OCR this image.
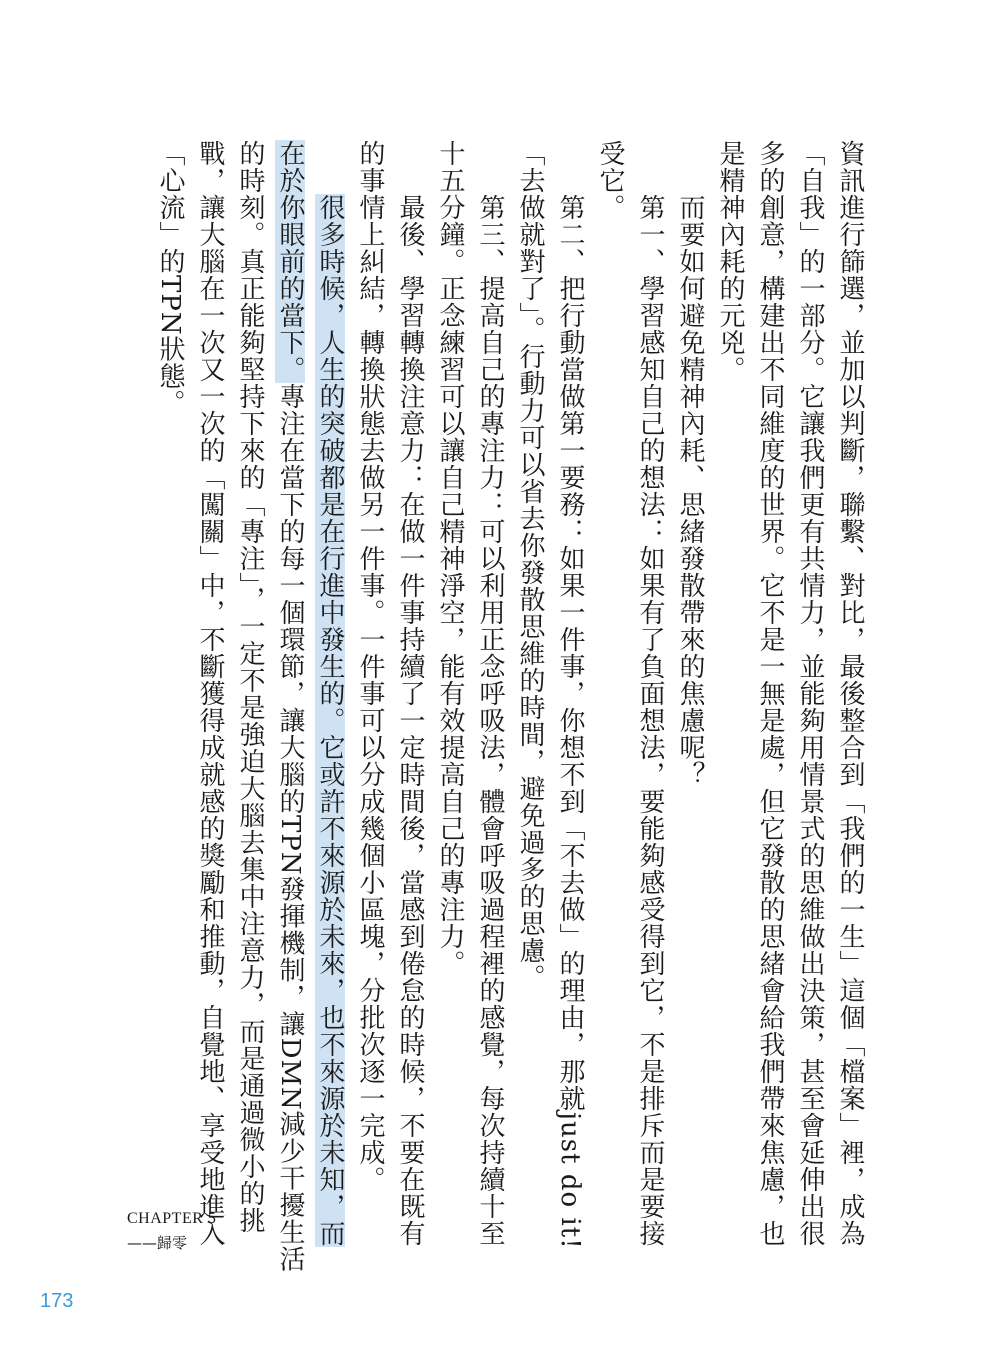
資訊進行篩選，並加以判斷，聯繫、對比，最後整合到「我們的一生」這個「檔案」裡，成為
「自我」的一部分。它讓我們更有共情力，並能夠用情景式的思維做出決策，甚至會延伸出很
多的創意，構建出不同維度的世界。它不是一無是處，但它發散的思緒會給我們帶來焦慮，也
是精神內耗的元兇。
　　而要如何避免精神內耗、思緒發散帶來的焦慮呢？
　　第一、學習感知自己的想法：如果有了負面想法，要能夠感受得到它，不是排斥而是要接
受它。
　　第二、把行動當做第一要務：如果一件事，你想不到「不去做」的理由，那就just do it!
「去做就對了」。行動力可以省去你發散思維的時間，避免過多的思慮。
　　第三、提高自己的專注力：可以利用正念呼吸法，體會呼吸過程裡的感覺，每次持續十至
十五分鐘。正念練習可以讓自己精神淨空，能有效提高自己的專注力。
　　最後、學習轉換注意力：在做一件事持續了一定時間後，當感到倦怠的時候，不要在既有
的事情上糾結，轉換狀態去做另一件事。一件事可以分成幾個小區塊，分批次逐一完成。
　　很多時候，人生的突破都是在行進中發生的。它或許不來源於未來，也不來源於未知，而
在於你眼前的當下。專注在當下的每一個環節，讓大腦的TPN發揮機制，讓DMN減少干擾生活
的時刻。真正能夠堅持下來的「專注」，一定不是強迫大腦去集中注意力，而是通過微小的挑
戰，讓大腦在一次又一次的「闖關」中，不斷獲得成就感的獎勵和推動，自覺地、享受地進入
「心流」的TPN狀態。
CHAPTER 5
——歸零
173
